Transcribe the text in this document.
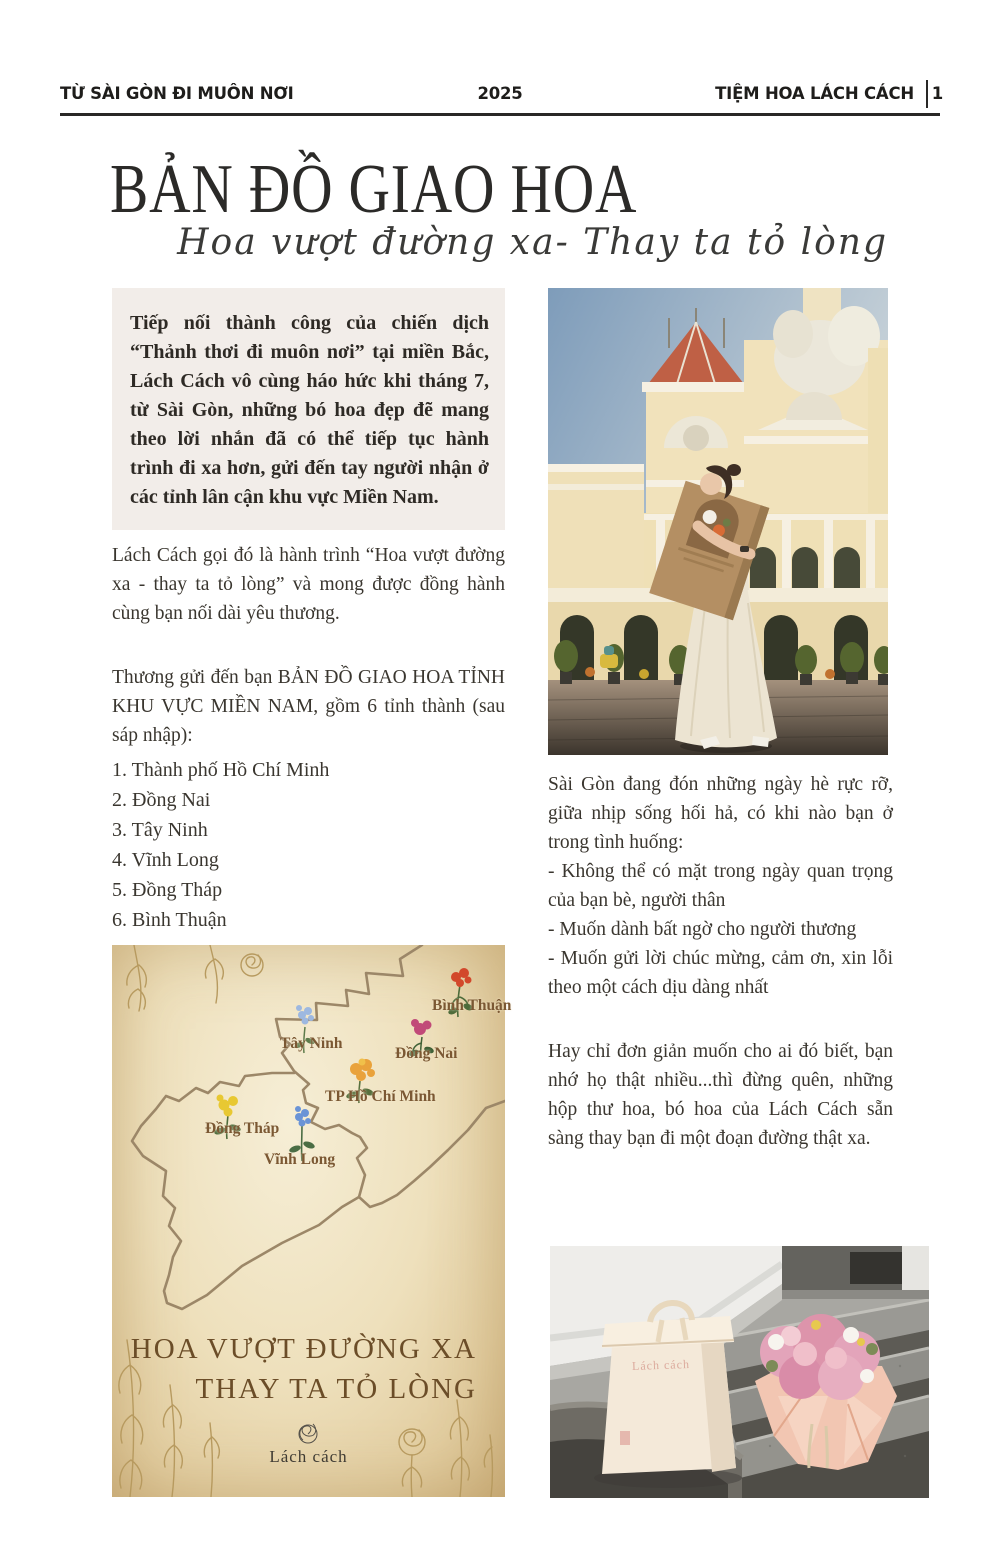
TỪ SÀI GÒN ĐI MUÔN NƠI	2025	TIỆM HOA LÁCH CÁCH 1
BẢN ĐỒ GIAO HOA
Hoa vượt đường xa- Thay ta tỏ lòng
Tiếp nối thành công của chiến dịch “Thảnh thơi đi muôn nơi” tại miền Bắc, Lách Cách vô cùng háo hức khi tháng 7, từ Sài Gòn, những bó hoa đẹp đẽ mang theo lời nhắn đã có thể tiếp tục hành trình đi xa hơn, gửi đến tay người nhận ở các tỉnh lân cận khu vực Miền Nam.
Lách Cách gọi đó là hành trình “Hoa vượt đường xa - thay ta tỏ lòng” và mong được đồng hành cùng bạn nối dài yêu thương.
Thương gửi đến bạn BẢN ĐỒ GIAO HOA TỈNH KHU VỰC MIỀN NAM, gồm 6 tỉnh thành (sau sáp nhập):
1. Thành phố Hồ Chí Minh
2. Đồng Nai
3. Tây Ninh
4. Vĩnh Long
5. Đồng Tháp
6. Bình Thuận
Bình Thuận
Tây Ninh
Đồng Nai
TP Hồ Chí Minh
Đồng Tháp
Vĩnh Long
HOA VƯỢT ĐƯỜNG XA
THAY TA TỎ LÒNG
Lách cách
Sài Gòn đang đón những ngày hè rực rỡ, giữa nhịp sống hối hả, có khi nào bạn ở trong tình huống:
- Không thể có mặt trong ngày quan trọng của bạn bè, người thân
- Muốn dành bất ngờ cho người thương
- Muốn gửi lời chúc mừng, cảm ơn, xin lỗi theo một cách dịu dàng nhất
Hay chỉ đơn giản muốn cho ai đó biết, bạn nhớ họ thật nhiều...thì đừng quên, những hộp thư hoa, bó hoa của Lách Cách sẵn sàng thay bạn đi một đoạn đường thật xa.
Lách cách
